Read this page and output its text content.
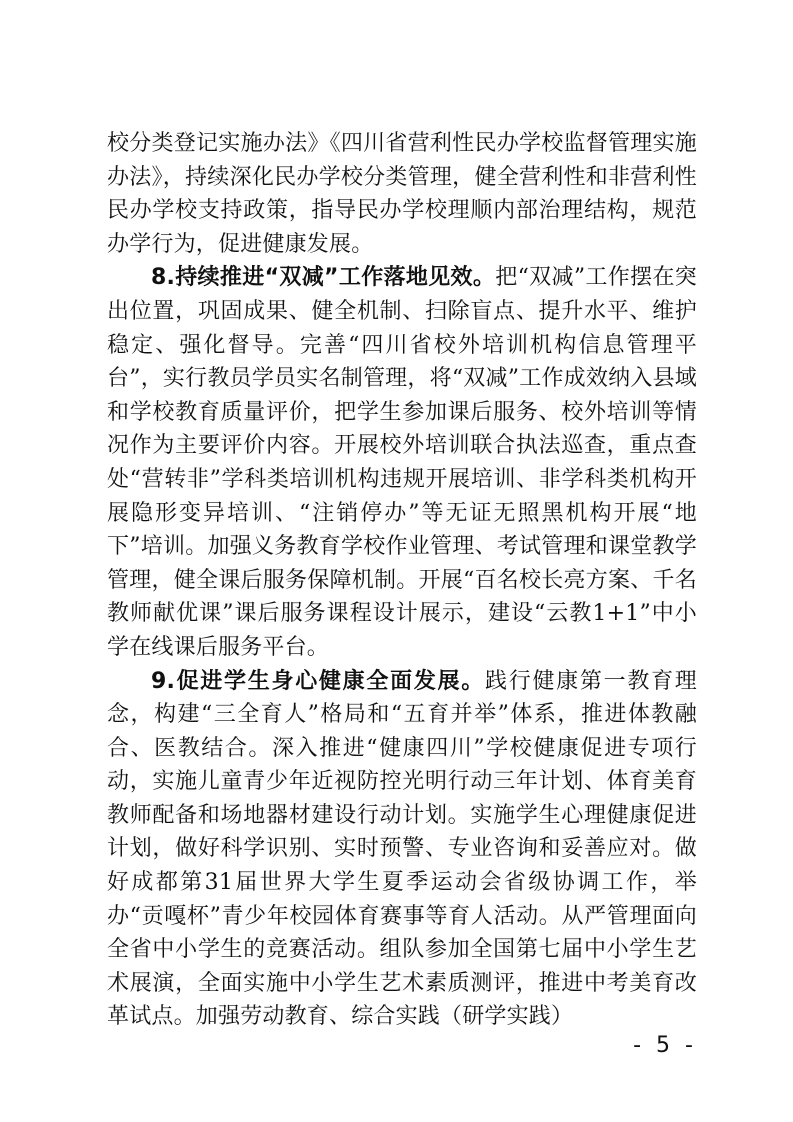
校分类登记实施办法》《四川省营利性民办学校监督管理实施办法》，持续深化民办学校分类管理，健全营利性和非营利性民办学校支持政策，指导民办学校理顺内部治理结构，规范办学行为，促进健康发展。

8.持续推进“双减”工作落地见效。把“双减”工作摆在突出位置，巩固成果、健全机制、扫除盲点、提升水平、维护稳定、强化督导。完善“四川省校外培训机构信息管理平台”，实行教员学员实名制管理，将“双减”工作成效纳入县域和学校教育质量评价，把学生参加课后服务、校外培训等情况作为主要评价内容。开展校外培训联合执法巡查，重点查处“营转非”学科类培训机构违规开展培训、非学科类机构开展隐形变异培训、“注销停办”等无证无照黑机构开展“地下”培训。加强义务教育学校作业管理、考试管理和课堂教学管理，健全课后服务保障机制。开展“百名校长亮方案、千名教师献优课”课后服务课程设计展示，建设“云教1+1”中小学在线课后服务平台。

9.促进学生身心健康全面发展。践行健康第一教育理念，构建“三全育人”格局和“五育并举”体系，推进体教融合、医教结合。深入推进“健康四川”学校健康促进专项行动，实施儿童青少年近视防控光明行动三年计划、体育美育教师配备和场地器材建设行动计划。实施学生心理健康促进计划，做好科学识别、实时预警、专业咨询和妥善应对。做好成都第31届世界大学生夏季运动会省级协调工作，举办“贡嘎杯”青少年校园体育赛事等育人活动。从严管理面向全省中小学生的竞赛活动。组队参加全国第七届中小学生艺术展演，全面实施中小学生艺术素质测评，推进中考美育改革试点。加强劳动教育、综合实践（研学实践）

- 5 -
